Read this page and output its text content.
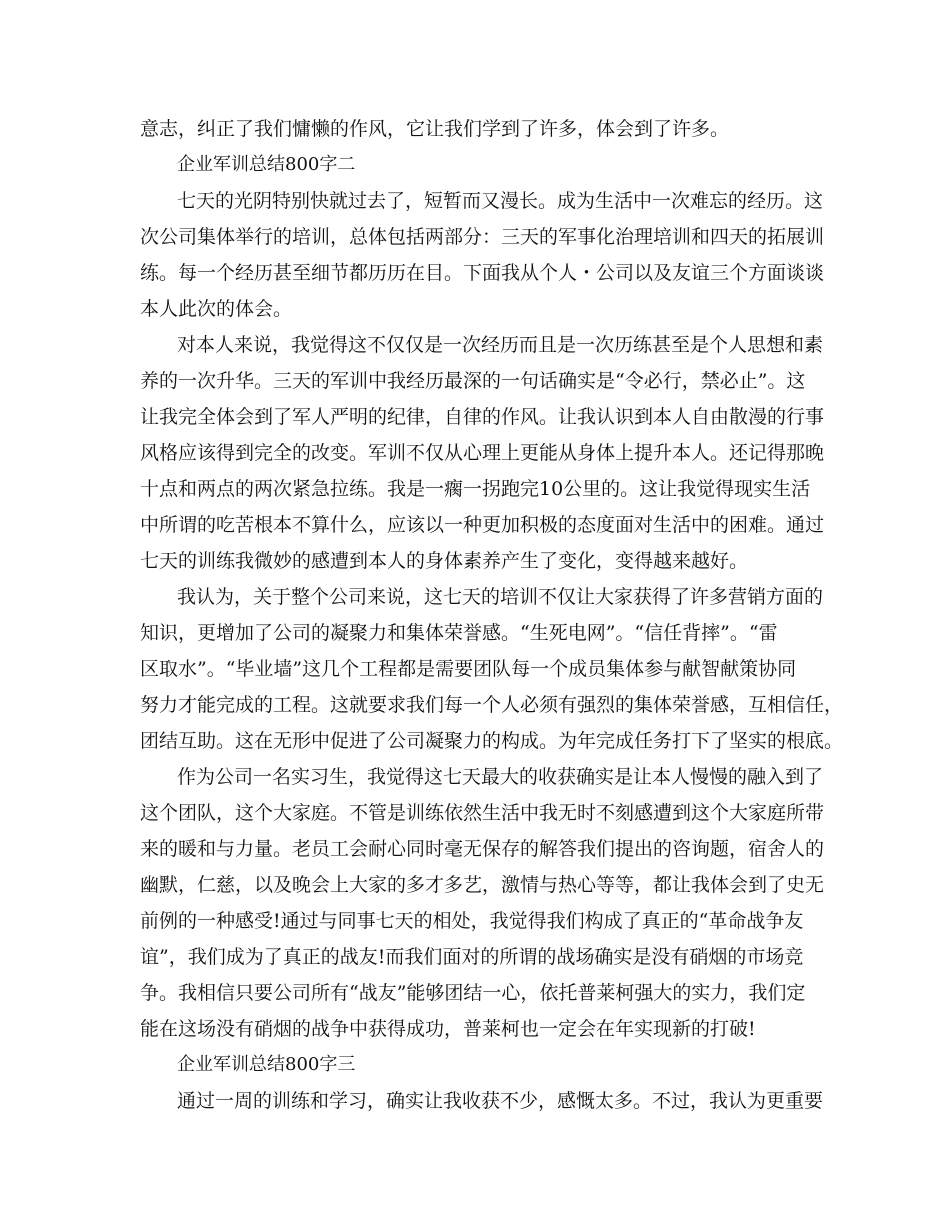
意志，纠正了我们慵懒的作风，它让我们学到了许多，体会到了许多。
企业军训总结800字二
七天的光阴特别快就过去了，短暂而又漫长。成为生活中一次难忘的经历。这
次公司集体举行的培训，总体包括两部分：三天的军事化治理培训和四天的拓展训
练。每一个经历甚至细节都历历在目。下面我从个人・公司以及友谊三个方面谈谈
本人此次的体会。
对本人来说，我觉得这不仅仅是一次经历而且是一次历练甚至是个人思想和素
养的一次升华。三天的军训中我经历最深的一句话确实是“令必行，禁必止”。这
让我完全体会到了军人严明的纪律，自律的作风。让我认识到本人自由散漫的行事
风格应该得到完全的改变。军训不仅从心理上更能从身体上提升本人。还记得那晚
十点和两点的两次紧急拉练。我是一瘸一拐跑完10公里的。这让我觉得现实生活
中所谓的吃苦根本不算什么，应该以一种更加积极的态度面对生活中的困难。通过
七天的训练我微妙的感遭到本人的身体素养产生了变化，变得越来越好。
我认为，关于整个公司来说，这七天的培训不仅让大家获得了许多营销方面的
知识，更增加了公司的凝聚力和集体荣誉感。“生死电网”。“信任背摔”。“雷
区取水”。“毕业墙”这几个工程都是需要团队每一个成员集体参与献智献策协同
努力才能完成的工程。这就要求我们每一个人必须有强烈的集体荣誉感，互相信任，
团结互助。这在无形中促进了公司凝聚力的构成。为年完成任务打下了坚实的根底。
作为公司一名实习生，我觉得这七天最大的收获确实是让本人慢慢的融入到了
这个团队，这个大家庭。不管是训练依然生活中我无时不刻感遭到这个大家庭所带
来的暖和与力量。老员工会耐心同时毫无保存的解答我们提出的咨询题，宿舍人的
幽默，仁慈，以及晚会上大家的多才多艺，激情与热心等等，都让我体会到了史无
前例的一种感受!通过与同事七天的相处，我觉得我们构成了真正的“革命战争友
谊”，我们成为了真正的战友!而我们面对的所谓的战场确实是没有硝烟的市场竞
争。我相信只要公司所有“战友”能够团结一心，依托普莱柯强大的实力，我们定
能在这场没有硝烟的战争中获得成功，普莱柯也一定会在年实现新的打破!
企业军训总结800字三
通过一周的训练和学习，确实让我收获不少，感慨太多。不过，我认为更重要
